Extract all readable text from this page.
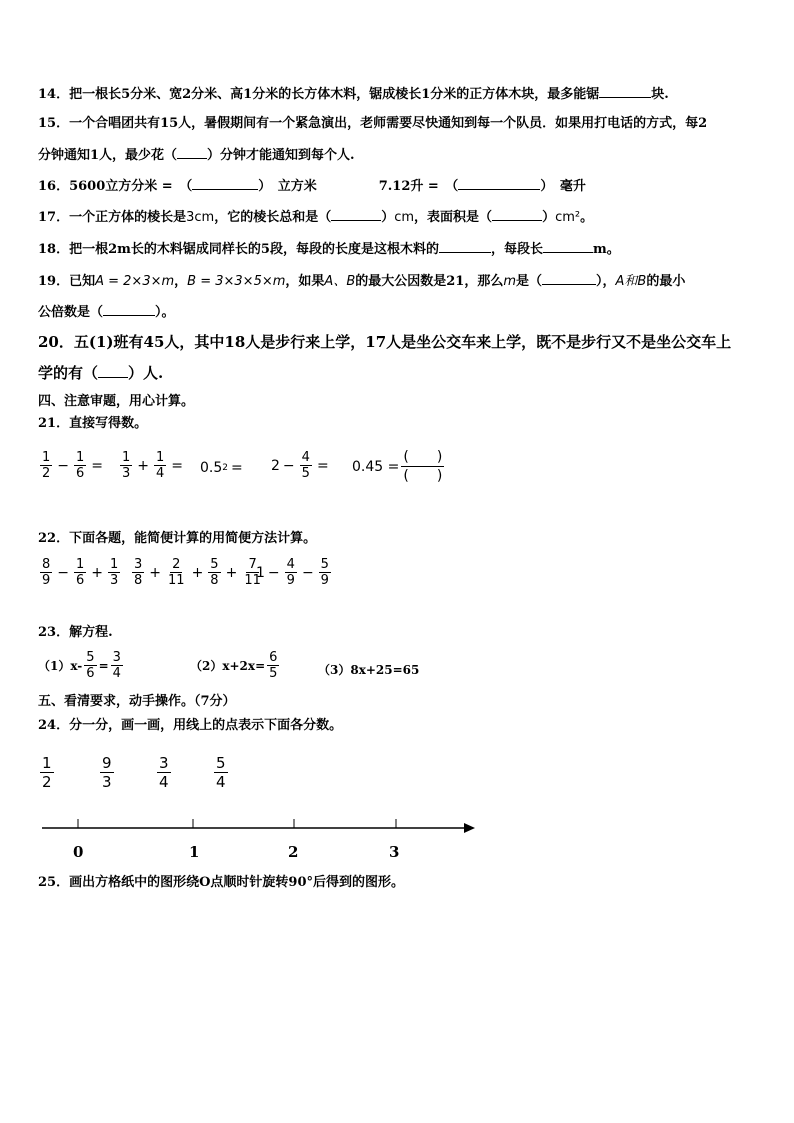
14．把一根长5分米、宽2分米、高1分米的长方体木料，锯成棱长1分米的正方体木块，最多能锯	块.
15．一个合唱团共有15人，暑假期间有一个紧急演出，老师需要尽快通知到每一个队员．如果用打电话的方式，每2
分钟通知1人，最少花（ ）分钟才能通知到每个人.
16．5600立方分米 =　（	）　立方米	7.12升 =　（	）　毫升
17．一个正方体的棱长是3cm，它的棱长总和是（	）cm，表面积是（	）cm²。
18．把一根2m长的木料锯成同样长的5段，每段的长度是这根木料的	，每段长	m。
19．已知A = 2×3×m，B = 3×3×5×m，如果A、B的最大公因数是21，那么m是（	），A和B的最小
公倍数是（	）。
20．五(1)班有45人，其中18人是步行来上学，17人是坐公交车来上学，既不是步行又不是坐公交车上
学的有（ ）人.
四、注意审题，用心计算。
21．直接写得数。
$\frac{1}{2} - \frac{1}{6} = \frac{1}{3} + \frac{1}{4} = 0.5$ $2 = 2 - \frac{4}{5} = 0.45 = \frac{( )}{( )}$
22．下面各题，能简便计算的用简便方法计算。
$\frac{8}{9} - \frac{1}{6} + \frac{1}{3} \frac{3}{8} + \frac{2}{11} + \frac{5}{8} + \frac{7}{11}$
$1 - \frac{4}{9} - \frac{5}{9}$
23．解方程.
$(1)x- \frac{5}{6} = \frac{3}{4}$	$(2)x+2x= \frac{6}{5}$	（3）8x+25=65
五、看清要求，动手操作。（7分）
24．分一分，画一画，用线上的点表示下面各分数。
$\frac{1}{2}$	$\frac{9}{3}$	$\frac{3}{4}$	$\frac{5}{4}$
0	1	2	3
25．画出方格纸中的图形绕O点顺时针旋转90°后得到的图形。
